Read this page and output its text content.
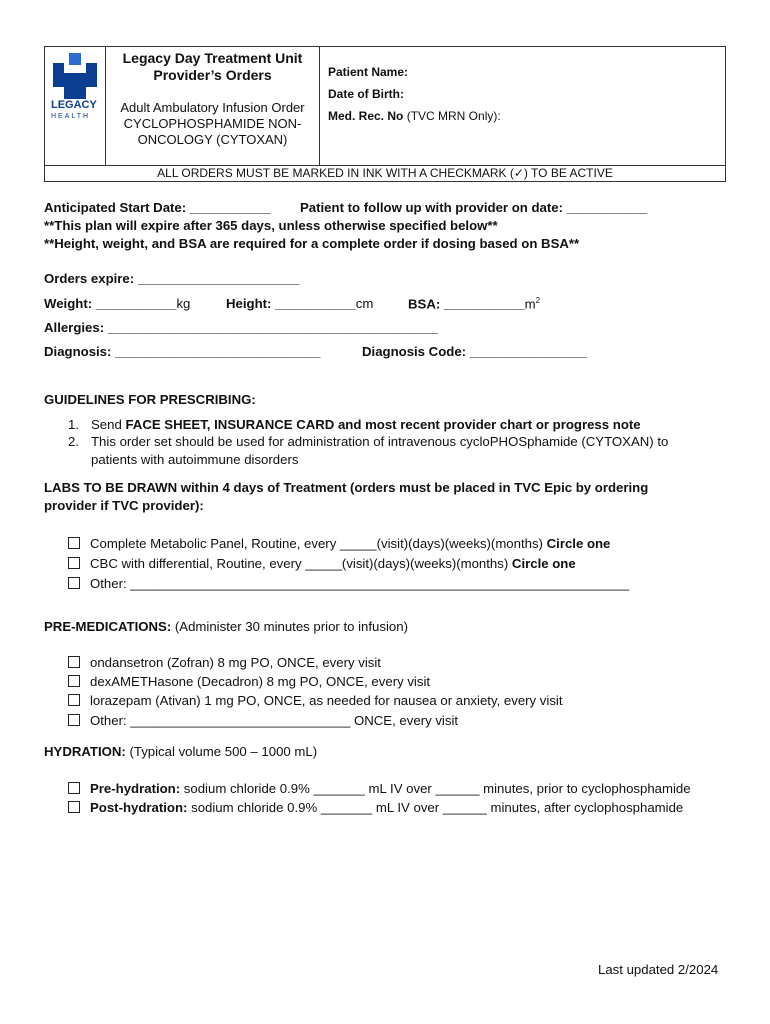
LEGACY
HEALTH
Legacy Day Treatment Unit
Provider’s Orders
Adult Ambulatory Infusion Order
CYCLOPHOSPHAMIDE NON-
ONCOLOGY (CYTOXAN)
Patient Name:
Date of Birth:
Med. Rec. No (TVC MRN Only):
ALL ORDERS MUST BE MARKED IN INK WITH A CHECKMARK (✓) TO BE ACTIVE
Anticipated Start Date: ___________ Patient to follow up with provider on date: ___________
**This plan will expire after 365 days, unless otherwise specified below**
**Height, weight, and BSA are required for a complete order if dosing based on BSA**
Orders expire: ______________________
Weight: ___________kg	Height: ___________cm	BSA: $\_\_\_\_\_\_\_\_\_\_\_m^2$
Allergies: _____________________________________________
Diagnosis: ____________________________	Diagnosis Code: ________________
GUIDELINES FOR PRESCRIBING:
1. Send FACE SHEET, INSURANCE CARD and most recent provider chart or progress note
2. This order set should be used for administration of intravenous cycloPHOSphamide (CYTOXAN) to
patients with autoimmune disorders
LABS TO BE DRAWN within 4 days of Treatment (orders must be placed in TVC Epic by ordering
provider if TVC provider):
Complete Metabolic Panel, Routine, every _____(visit)(days)(weeks)(months) Circle one
CBC with differential, Routine, every _____(visit)(days)(weeks)(months) Circle one
Other: ____________________________________________________________________
PRE-MEDICATIONS: (Administer 30 minutes prior to infusion)
ondansetron (Zofran) 8 mg PO, ONCE, every visit
dexAMETHasone (Decadron) 8 mg PO, ONCE, every visit
lorazepam (Ativan) 1 mg PO, ONCE, as needed for nausea or anxiety, every visit
Other: ______________________________ ONCE, every visit
HYDRATION: (Typical volume 500 – 1000 mL)
Pre-hydration: sodium chloride 0.9% _______ mL IV over ______ minutes, prior to cyclophosphamide
Post-hydration: sodium chloride 0.9% _______ mL IV over ______ minutes, after cyclophosphamide
Last updated 2/2024
